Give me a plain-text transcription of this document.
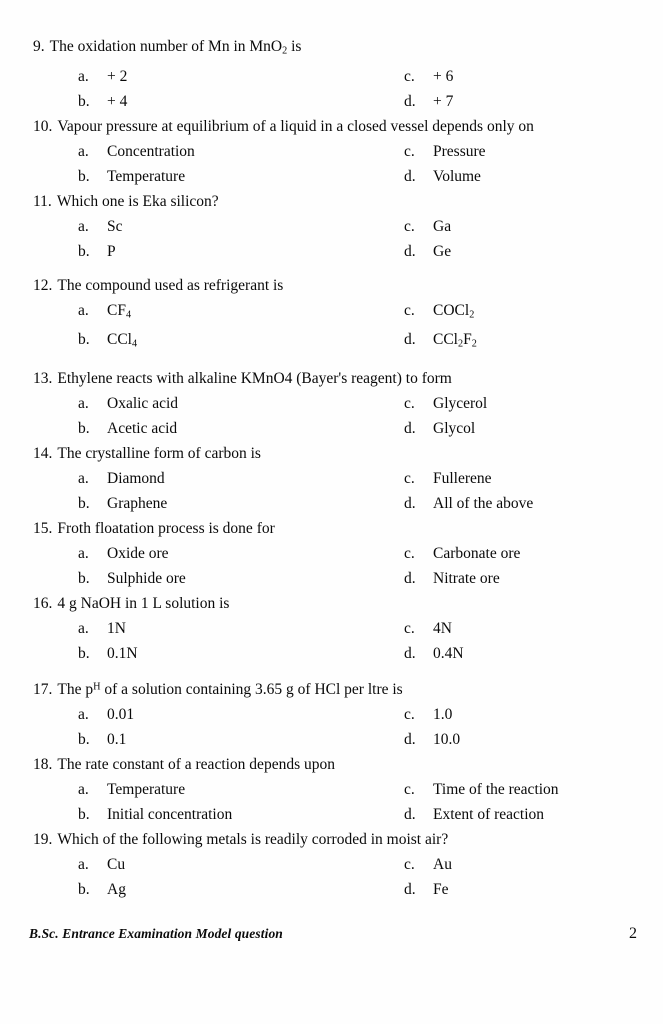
9. The oxidation number of Mn in MnO$_2$ is
a.	+ 2	c.	+ 6
b.	+ 4	d.	+ 7
10. Vapour pressure at equilibrium of a liquid in a closed vessel depends only on
a.	Concentration	c.	Pressure
b.	Temperature	d.	Volume
11. Which one is Eka silicon?
a.	Sc	c.	Ga
b.	P	d.	Ge
12. The compound used as refrigerant is
a.	$CF_4$	c.	COCl$_2$
b.	CCl$_4$	d.	$CCl_2F_2$
13. Ethylene reacts with alkaline KMnO4 (Bayer's reagent) to form
a.	Oxalic acid	c.	Glycerol
b.	Acetic acid	d.	Glycol
14. The crystalline form of carbon is
a.	Diamond	c.	Fullerene
b.	Graphene	d.	All of the above
15. Froth floatation process is done for
a.	Oxide ore	c.	Carbonate ore
b.	Sulphide ore	d.	Nitrate ore
16. 4 g NaOH in 1 L solution is
a.	1N	c.	4N
b.	0.1N	d.	0.4N
17. The $p^H$ of a solution containing 3.65 g of HCl per ltre is
a.	0.01	c.	1.0
b.	0.1	d.	10.0
18. The rate constant of a reaction depends upon
a.	Temperature	c.	Time of the reaction
b.	Initial concentration	d.	Extent of reaction
19. Which of the following metals is readily corroded in moist air?
a.	Cu	c.	Au
b.	Ag	d.	Fe
B.Sc. Entrance Examination Model question	2
